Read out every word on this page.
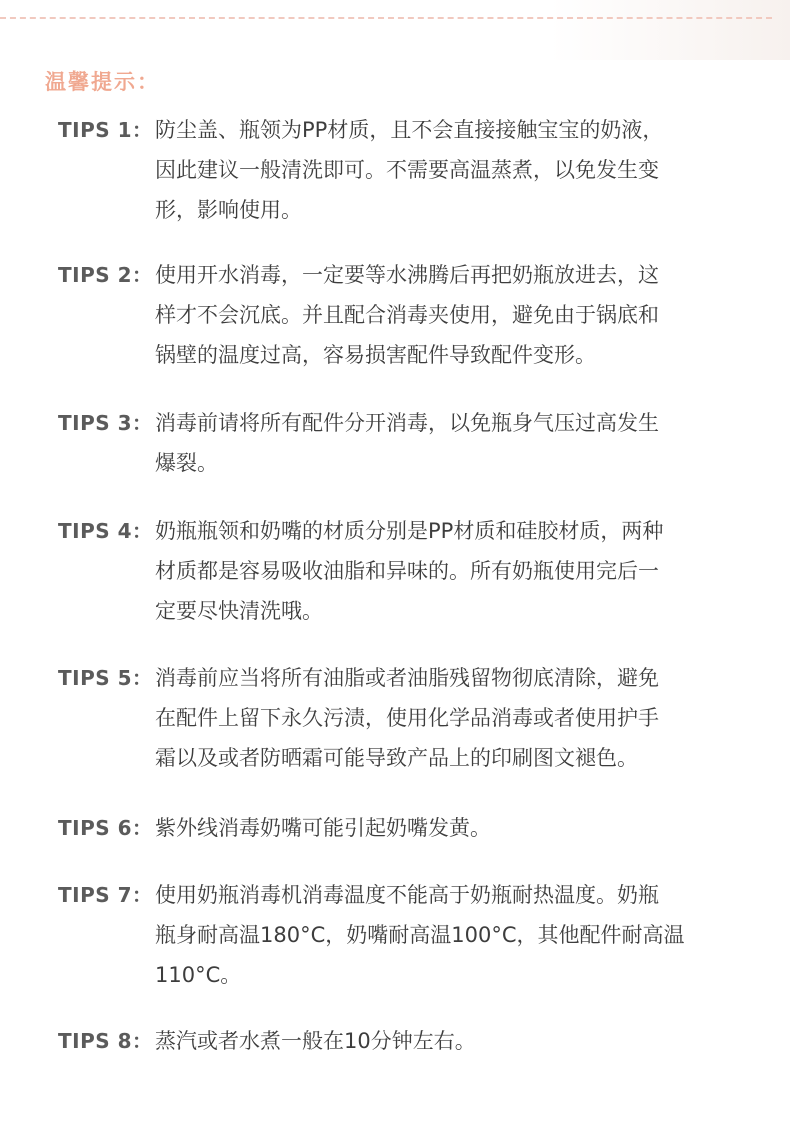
温馨提示：
TIPS 1： 防尘盖、瓶领为PP材质，且不会直接接触宝宝的奶液，
因此建议一般清洗即可。不需要高温蒸煮，以免发生变
形，影响使用。
TIPS 2： 使用开水消毒，一定要等水沸腾后再把奶瓶放进去，这
样才不会沉底。并且配合消毒夹使用，避免由于锅底和
锅壁的温度过高，容易损害配件导致配件变形。
TIPS 3： 消毒前请将所有配件分开消毒，以免瓶身气压过高发生
爆裂。
TIPS 4： 奶瓶瓶领和奶嘴的材质分别是PP材质和硅胶材质，两种
材质都是容易吸收油脂和异味的。所有奶瓶使用完后一
定要尽快清洗哦。
TIPS 5： 消毒前应当将所有油脂或者油脂残留物彻底清除，避免
在配件上留下永久污渍，使用化学品消毒或者使用护手
霜以及或者防晒霜可能导致产品上的印刷图文褪色。
TIPS 6： 紫外线消毒奶嘴可能引起奶嘴发黄。
TIPS 7： 使用奶瓶消毒机消毒温度不能高于奶瓶耐热温度。奶瓶
瓶身耐高温180°C，奶嘴耐高温100°C，其他配件耐高温
110°C。
TIPS 8： 蒸汽或者水煮一般在10分钟左右。
